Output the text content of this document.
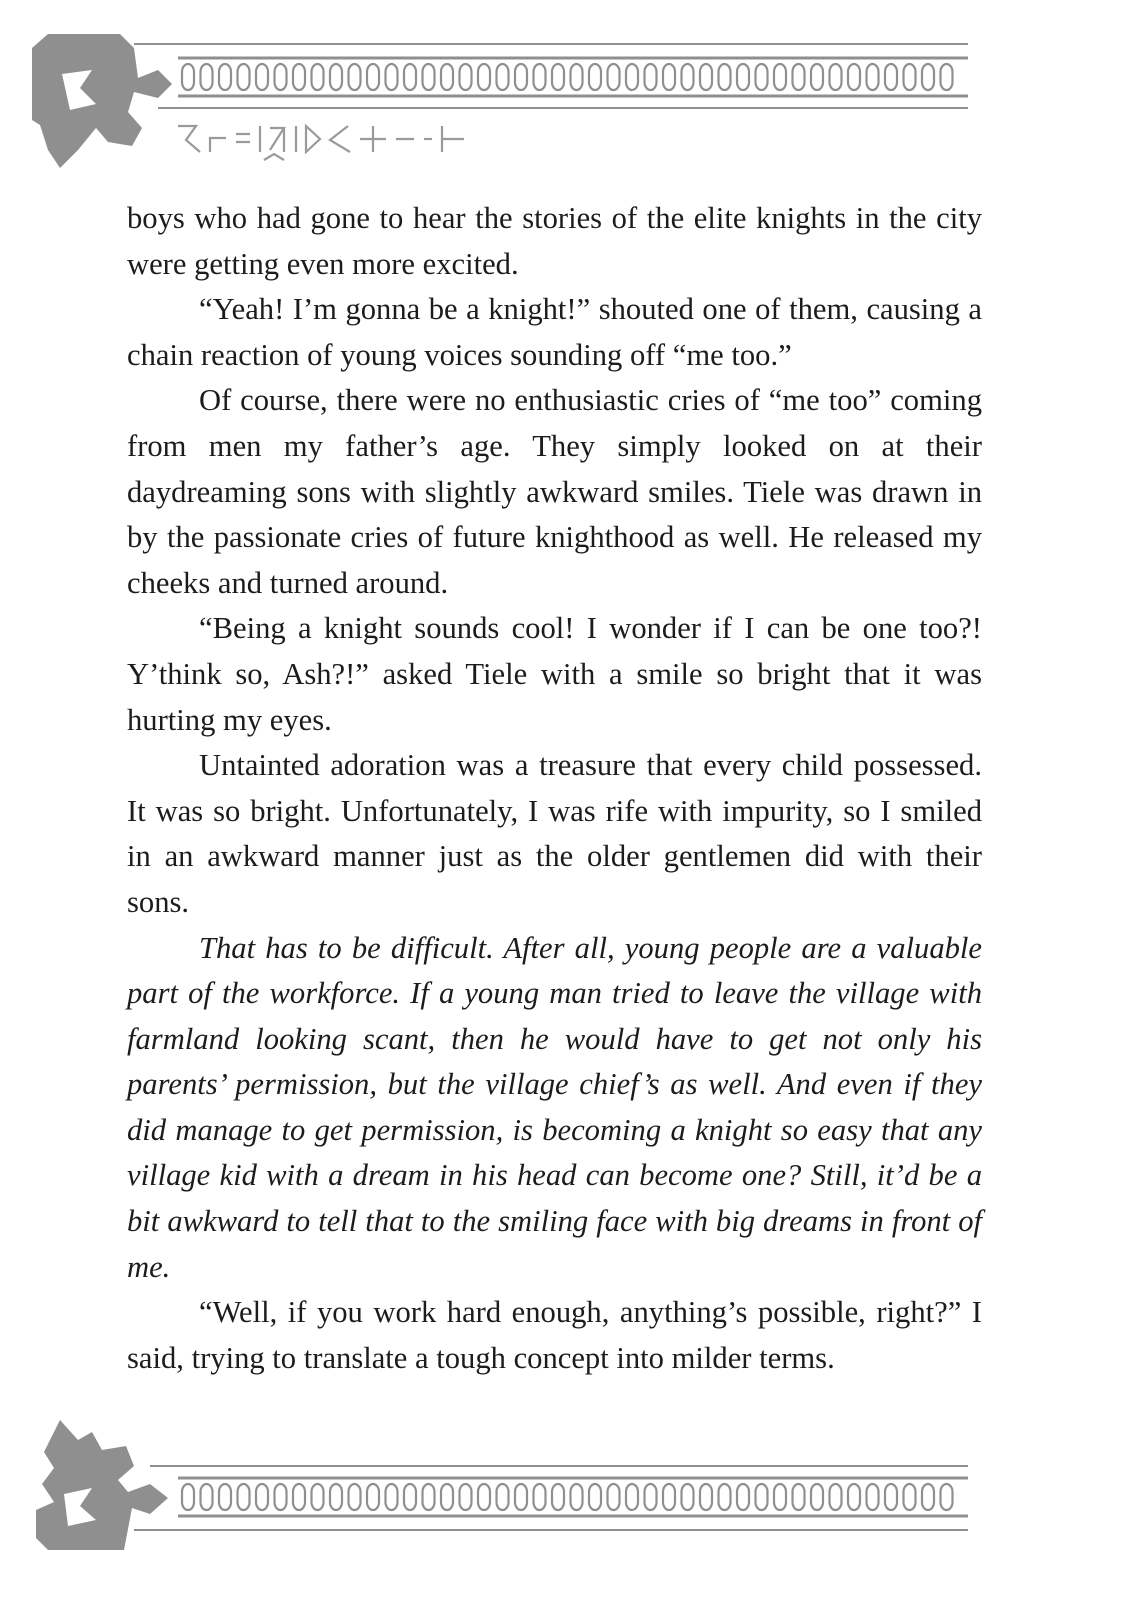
ᚱᛒ=ᛁᛈᛁᚦ ᚲᛏ––ᛁ–

boys who had gone to hear the stories of the elite knights in the city were getting even more excited.

“Yeah! I’m gonna be a knight!” shouted one of them, causing a chain reaction of young voices sounding off “me too.”

Of course, there were no enthusiastic cries of “me too” coming from men my father’s age. They simply looked on at their daydreaming sons with slightly awkward smiles. Tiele was drawn in by the passionate cries of future knighthood as well. He released my cheeks and turned around.

“Being a knight sounds cool! I wonder if I can be one too?! Y’think so, Ash?!” asked Tiele with a smile so bright that it was hurting my eyes.

Untainted adoration was a treasure that every child possessed. It was so bright. Unfortunately, I was rife with impurity, so I smiled in an awkward manner just as the older gentlemen did with their sons.

That has to be difficult. After all, young people are a valuable part of the workforce. If a young man tried to leave the village with farmland looking scant, then he would have to get not only his parents’ permission, but the village chief’s as well. And even if they did manage to get permission, is becoming a knight so easy that any village kid with a dream in his head can become one? Still, it’d be a bit awkward to tell that to the smiling face with big dreams in front of me.

“Well, if you work hard enough, anything’s possible, right?” I said, trying to translate a tough concept into milder terms.
